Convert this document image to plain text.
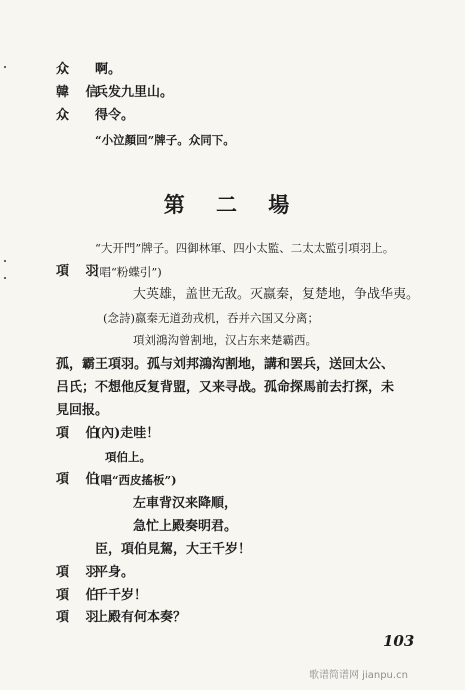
众 啊。
韓 信
兵发九里山。
众 得令。
“小泣顏回”牌子。众同下。
第 二 場
“大开門”牌子。四御林軍、四小太監、二太太監引項羽上。
項 羽
(唱“粉蝶引”)
大英雄，盖世无敌。灭嬴秦，复楚地，争战华夷。
(念詩)嬴秦无道劲戎机，吞并六国又分离；
項刘鴻沟曾割地，汉占东来楚霸西。
孤，霸王項羽。孤与刘邦鴻沟割地，講和罢兵，送回太公、
吕氏；不想他反复背盟，又来寻战。孤命探馬前去打探，未
見回报。
項 伯
(內)走哇！
項伯上。
項 伯
(唱“西皮搖板”)
左車背汉来降順，
急忙上殿奏明君。
臣，項伯見駕，大王千岁！
項 羽
平身。
項 伯
千千岁！
項 羽
上殿有何本奏？
103
歌谱简谱网 jianpu.cn
